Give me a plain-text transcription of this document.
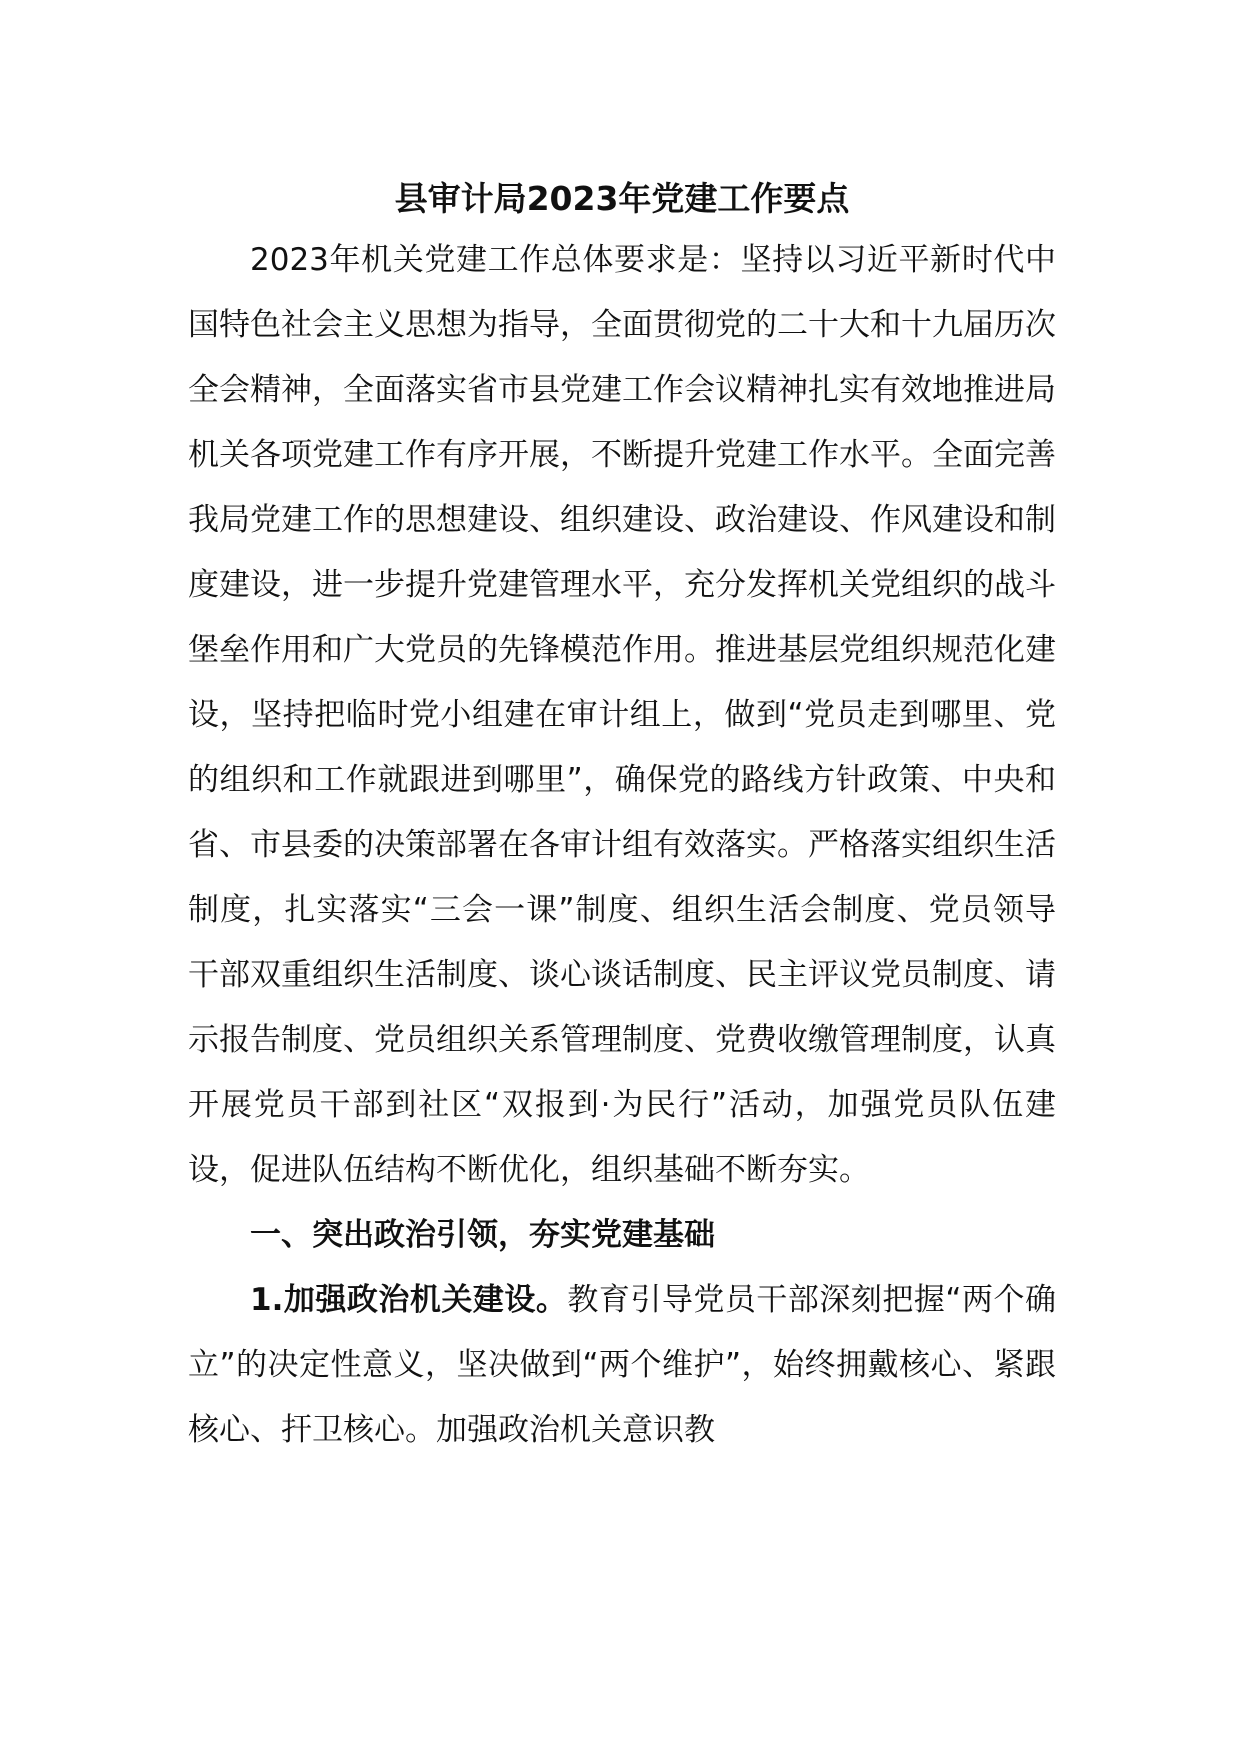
县审计局2023年党建工作要点

2023年机关党建工作总体要求是：坚持以习近平新时代中国特色社会主义思想为指导，全面贯彻党的二十大和十九届历次全会精神，全面落实省市县党建工作会议精神扎实有效地推进局机关各项党建工作有序开展，不断提升党建工作水平。全面完善我局党建工作的思想建设、组织建设、政治建设、作风建设和制度建设，进一步提升党建管理水平，充分发挥机关党组织的战斗堡垒作用和广大党员的先锋模范作用。推进基层党组织规范化建设，坚持把临时党小组建在审计组上，做到“党员走到哪里、党的组织和工作就跟进到哪里”，确保党的路线方针政策、中央和省、市县委的决策部署在各审计组有效落实。严格落实组织生活制度，扎实落实“三会一课”制度、组织生活会制度、党员领导干部双重组织生活制度、谈心谈话制度、民主评议党员制度、请示报告制度、党员组织关系管理制度、党费收缴管理制度，认真开展党员干部到社区“双报到·为民行”活动，加强党员队伍建设，促进队伍结构不断优化，组织基础不断夯实。

一、突出政治引领，夯实党建基础

1.加强政治机关建设。教育引导党员干部深刻把握“两个确立”的决定性意义，坚决做到“两个维护”，始终拥戴核心、紧跟核心、扞卫核心。加强政治机关意识教
